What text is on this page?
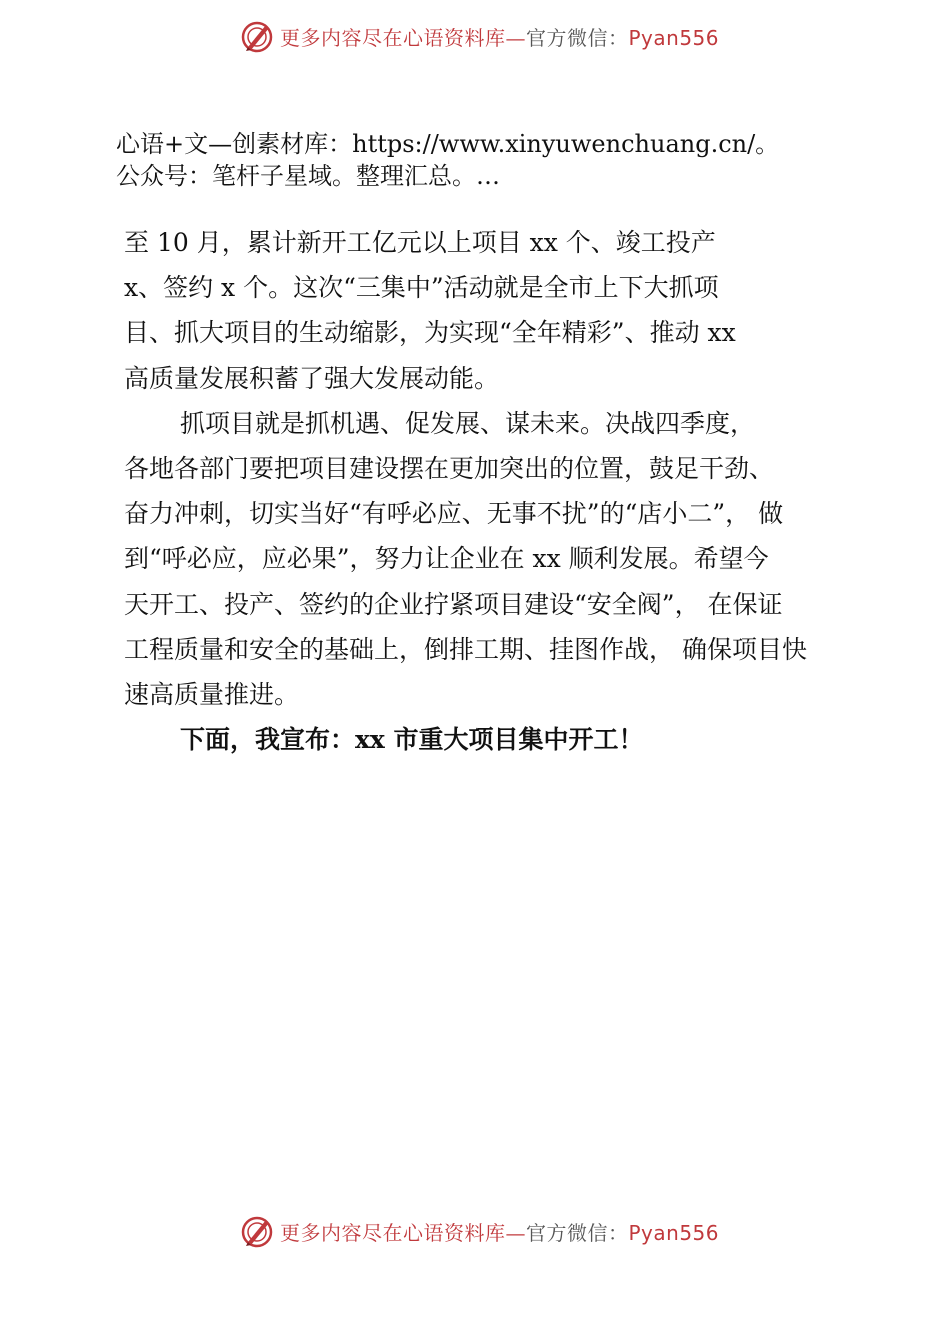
更多内容尽在心语资料库—官方微信：Pyan556
心语+文—创素材库：https://www.xinyuwenchuang.cn/。
公众号：笔杆子星域。整理汇总。…
至 10 月，累计新开工亿元以上项目 xx 个、竣工投产
x、签约 x 个。这次“三集中”活动就是全市上下大抓项
目、抓大项目的生动缩影，为实现“全年精彩”、推动 xx
高质量发展积蓄了强大发展动能。
抓项目就是抓机遇、促发展、谋未来。决战四季度，
各地各部门要把项目建设摆在更加突出的位置，鼓足干劲、
奋力冲刺，切实当好“有呼必应、无事不扰”的“店小二”， 做
到“呼必应，应必果”，努力让企业在 xx 顺利发展。希望今
天开工、投产、签约的企业拧紧项目建设“安全阀”， 在保证
工程质量和安全的基础上，倒排工期、挂图作战， 确保项目快
速高质量推进。
下面，我宣布：xx 市重大项目集中开工！
更多内容尽在心语资料库—官方微信：Pyan556
